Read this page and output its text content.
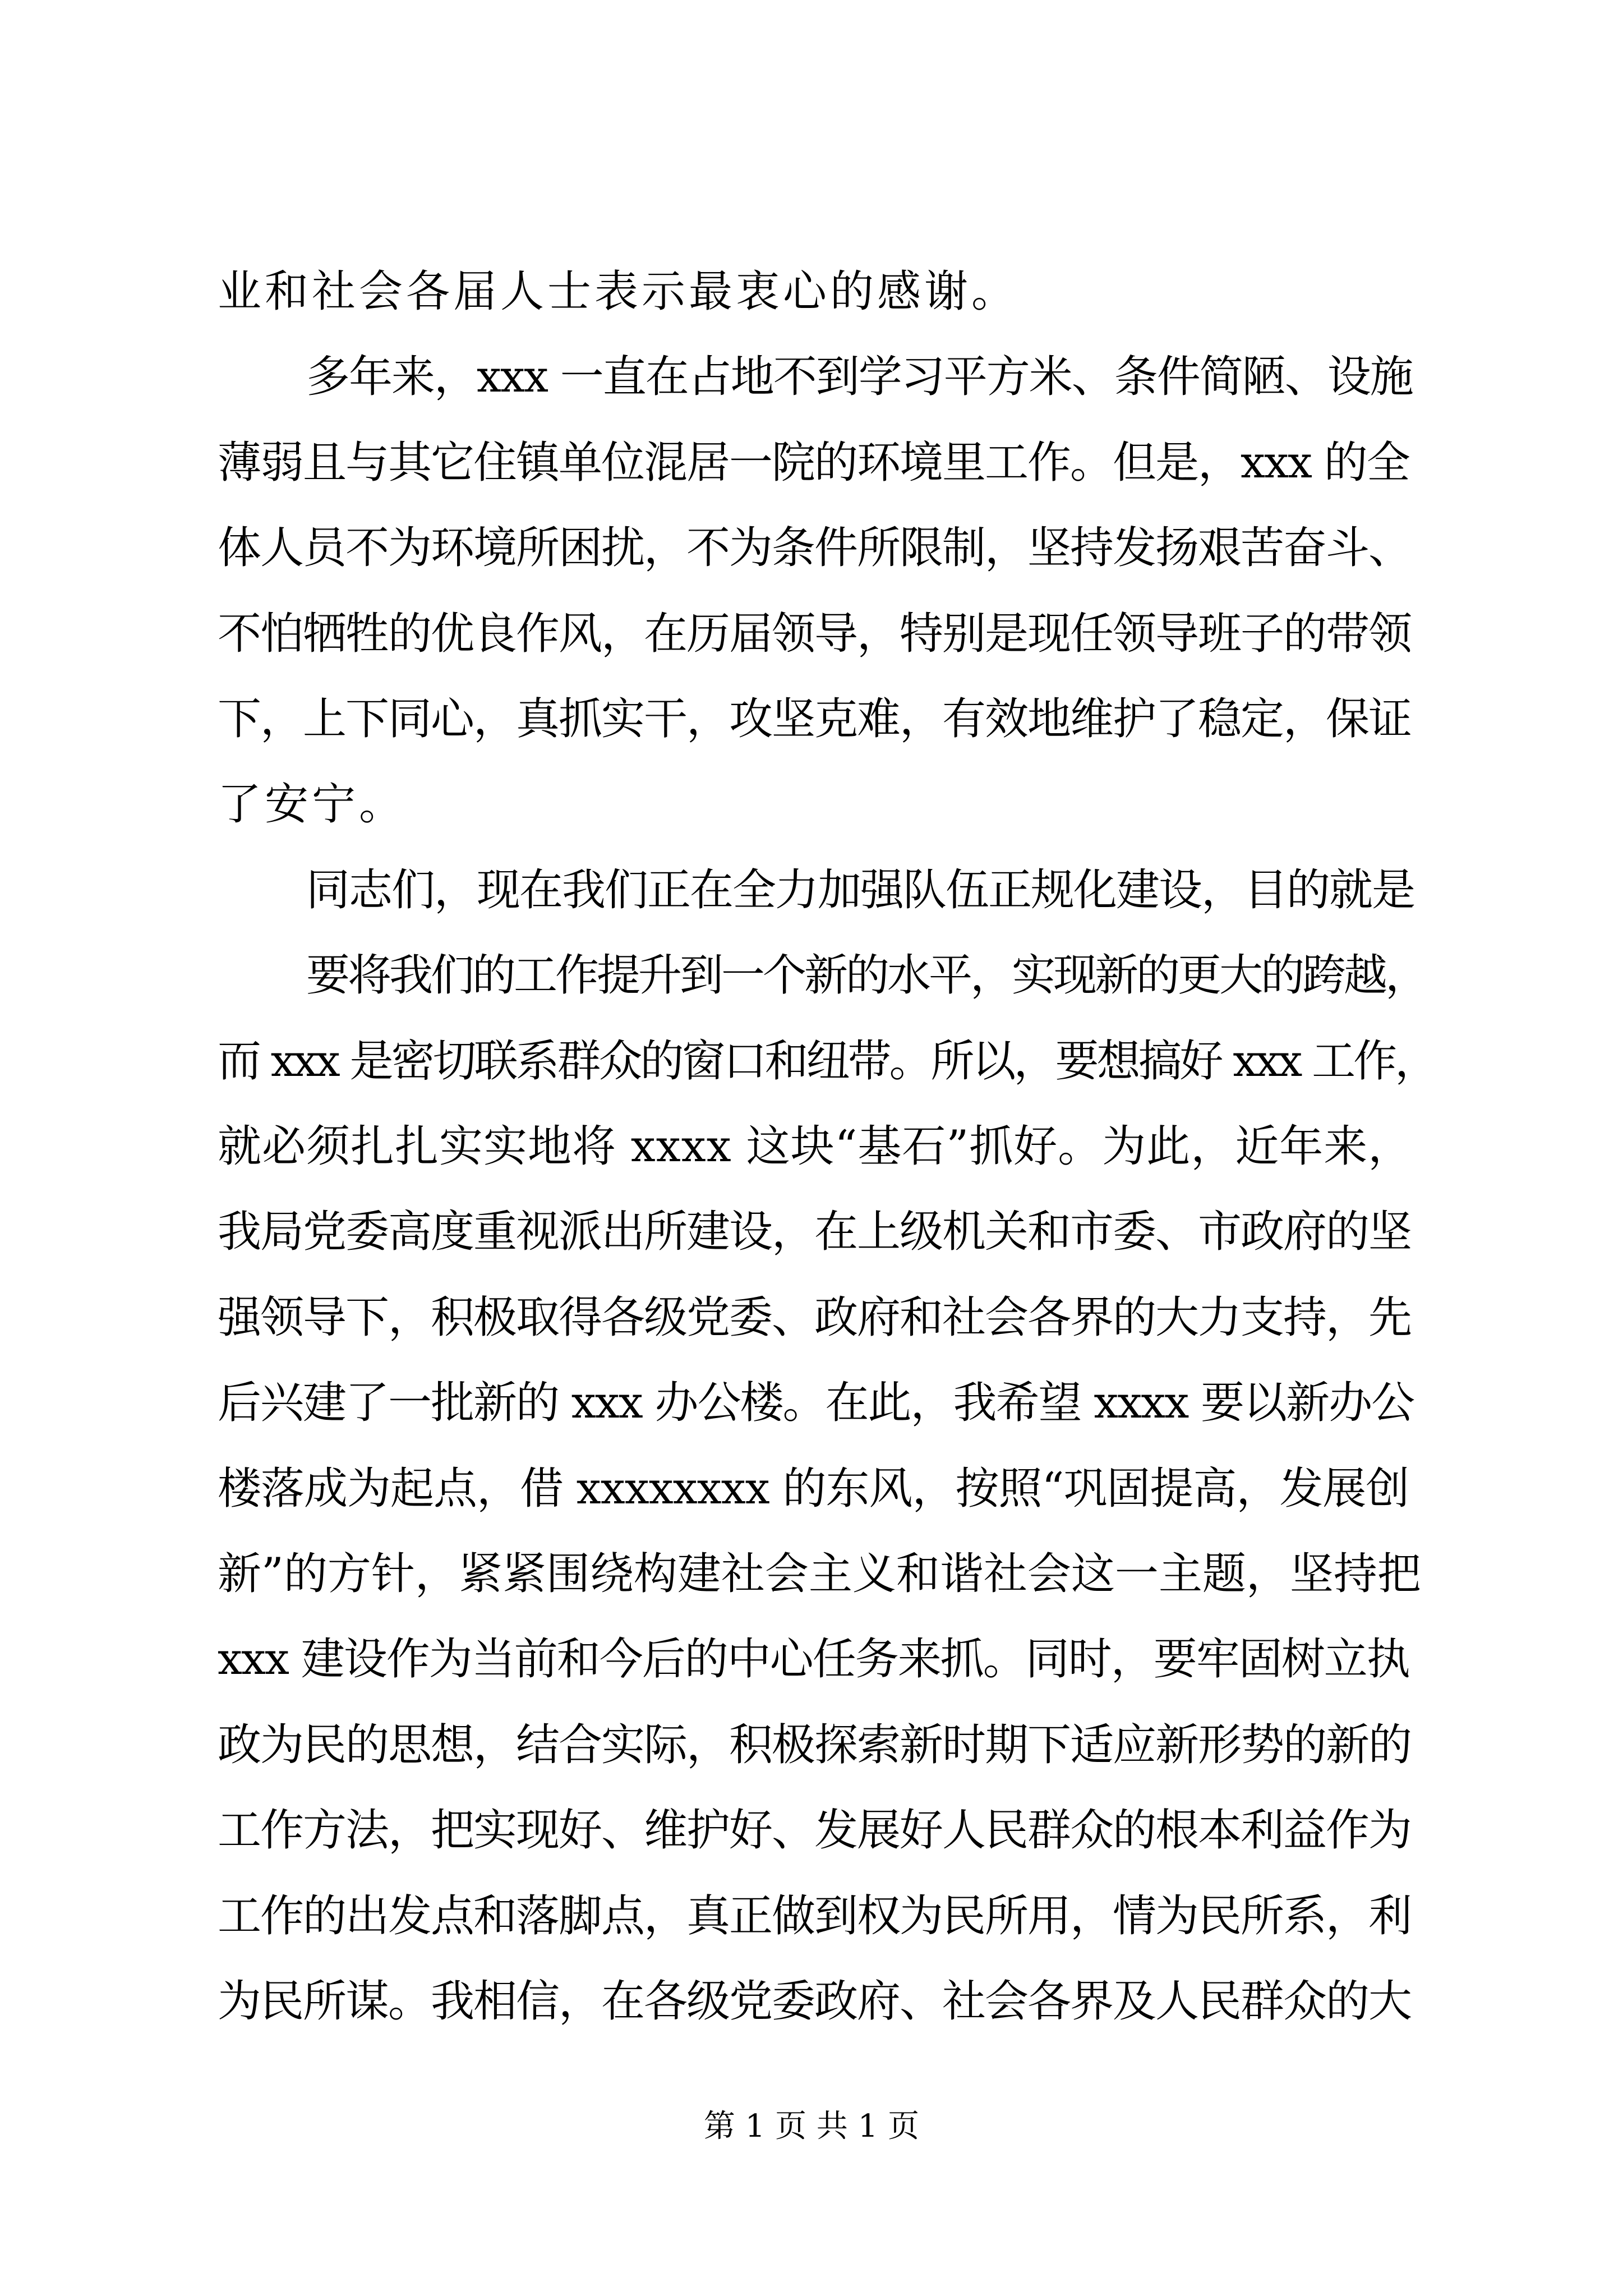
业和社会各届人士表示最衷心的感谢。
多年来，xxx 一直在占地不到学习平方米、条件简陋、设施
薄弱且与其它住镇单位混居一院的环境里工作。但是，xxx 的全
体人员不为环境所困扰，不为条件所限制，坚持发扬艰苦奋斗、
不怕牺牲的优良作风，在历届领导，特别是现任领导班子的带领
下，上下同心，真抓实干，攻坚克难，有效地维护了稳定，保证
了安宁。
同志们，现在我们正在全力加强队伍正规化建设，目的就是
要将我们的工作提升到一个新的水平，实现新的更大的跨越，
而 xxx 是密切联系群众的窗口和纽带。所以，要想搞好 xxx 工作，
就必须扎扎实实地将 xxxx 这块“基石”抓好。为此，近年来，
我局党委高度重视派出所建设，在上级机关和市委、市政府的坚
强领导下，积极取得各级党委、政府和社会各界的大力支持，先
后兴建了一批新的 xxx 办公楼。在此，我希望 xxxx 要以新办公
楼落成为起点，借 xxxxxxxx 的东风，按照“巩固提高，发展创
新”的方针，紧紧围绕构建社会主义和谐社会这一主题，坚持把
xxx 建设作为当前和今后的中心任务来抓。同时，要牢固树立执
政为民的思想，结合实际，积极探索新时期下适应新形势的新的
工作方法，把实现好、维护好、发展好人民群众的根本利益作为
工作的出发点和落脚点，真正做到权为民所用，情为民所系，利
为民所谋。我相信，在各级党委政府、社会各界及人民群众的大
第 1 页 共 1 页
